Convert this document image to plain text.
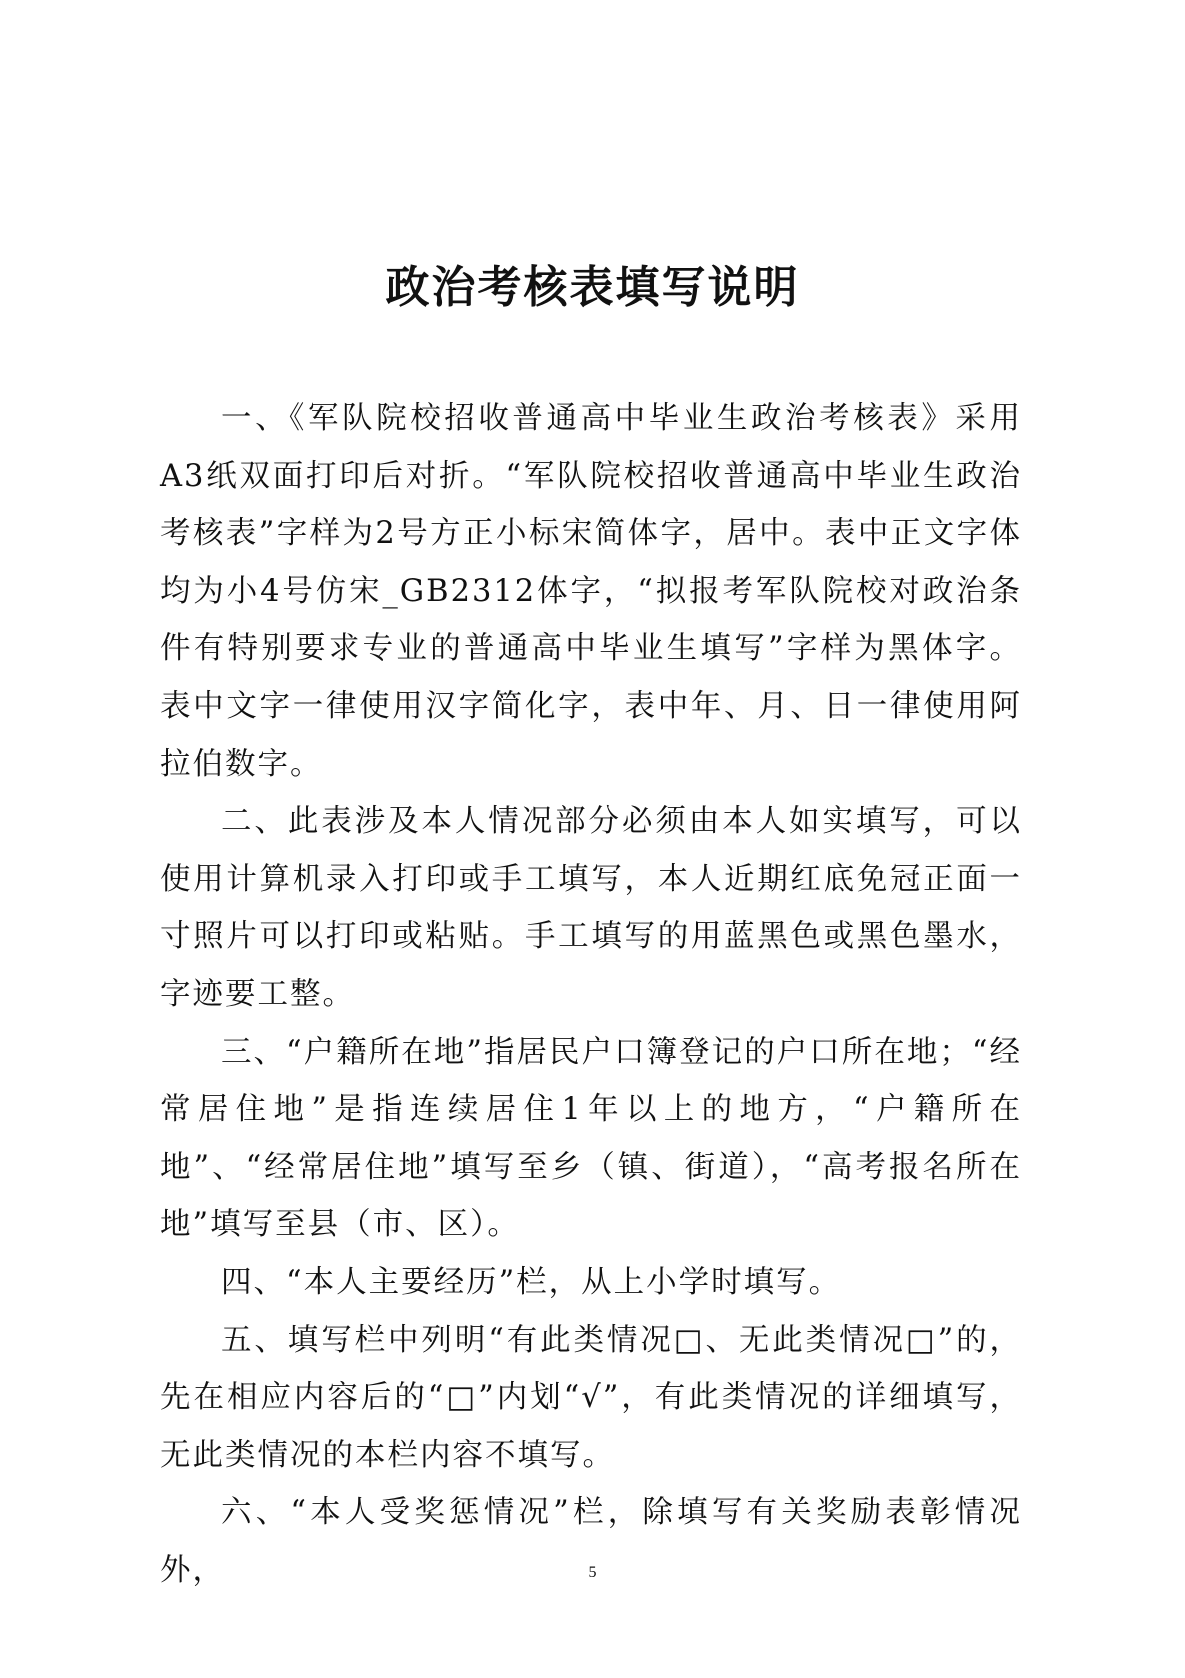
政治考核表填写说明

一、《军队院校招收普通高中毕业生政治考核表》采用A3纸双面打印后对折。“军队院校招收普通高中毕业生政治考核表”字样为2号方正小标宋简体字，居中。表中正文字体均为小4号仿宋_GB2312体字，“拟报考军队院校对政治条件有特别要求专业的普通高中毕业生填写”字样为黑体字。表中文字一律使用汉字简化字，表中年、月、日一律使用阿拉伯数字。

二、此表涉及本人情况部分必须由本人如实填写，可以使用计算机录入打印或手工填写，本人近期红底免冠正面一寸照片可以打印或粘贴。手工填写的用蓝黑色或黑色墨水，字迹要工整。

三、“户籍所在地”指居民户口簿登记的户口所在地；“经常居住地”是指连续居住1年以上的地方，“户籍所在地”、“经常居住地”填写至乡（镇、街道），“高考报名所在地”填写至县（市、区）。

四、“本人主要经历”栏，从上小学时填写。

五、填写栏中列明“有此类情况□、无此类情况□”的，先在相应内容后的“□”内划“√”，有此类情况的详细填写，无此类情况的本栏内容不填写。

六、“本人受奖惩情况”栏，除填写有关奖励表彰情况外，	5
